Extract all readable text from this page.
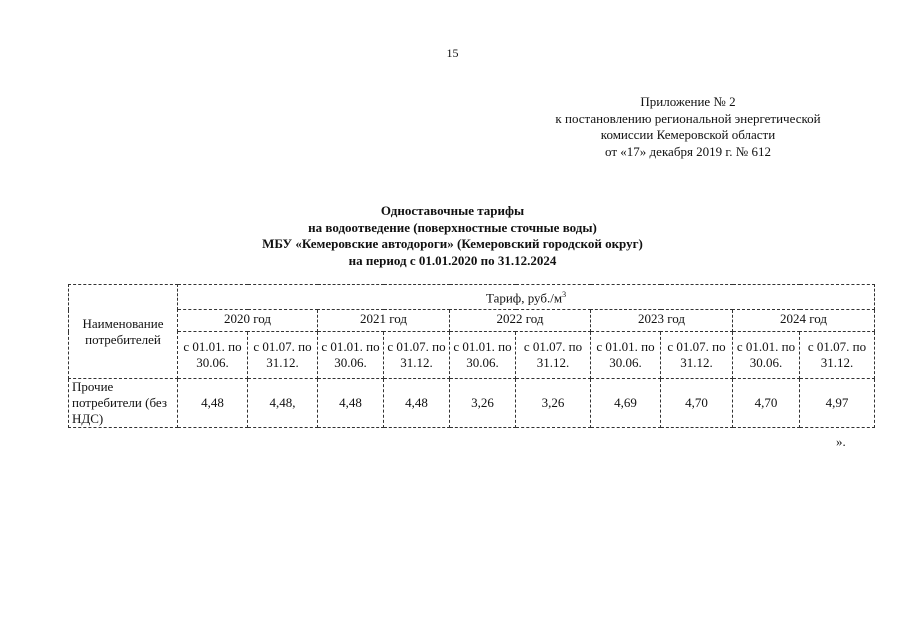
15
Приложение № 2
к постановлению региональной энергетической
комиссии Кемеровской области
от «17» декабря 2019 г. № 612
Одноставочные тарифы
на водоотведение (поверхностные сточные воды)
МБУ «Кемеровские автодороги» (Кемеровский городской округ)
на период с 01.01.2020 по 31.12.2024
Наименование потребителей	Тариф, $руб./м^3$
	2020 год		2021 год		2022 год		2023 год		2024 год	
	с 01.01. по 30.06.	с 01.07. по 31.12.	с 01.01. по 30.06.	с 01.07. по 31.12.	с 01.01. по 30.06.	с 01.07. по 31.12.	с 01.01. по 30.06.	с 01.07. по 31.12.	с 01.01. по 30.06.	с 01.07. по 31.12.
Прочие потребители (без НДС)	4,48	4,48,	4,48	4,48	3,26	3,26	4,69	4,70	4,70	4,97
».
